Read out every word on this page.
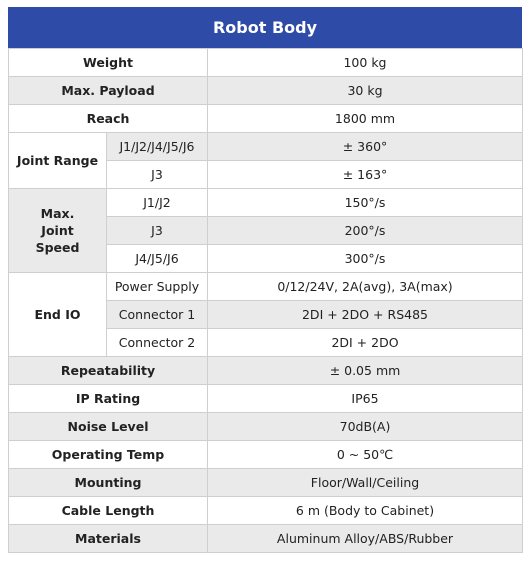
Robot Body
Weight		100 kg
Max. Payload		30 kg
Reach		1800 mm
Joint Range	J1/J2/J4/J5/J6	± 360°
	J3	± 163°
Max. Joint Speed	J1/J2	150°/s
	J3	200°/s
	J4/J5/J6	300°/s
End IO	Power Supply	0/12/24V, 2A(avg), 3A(max)
	Connector 1	2DI + 2DO + RS485
	Connector 2	2DI + 2DO
Repeatability		± 0.05 mm
IP Rating		IP65
Noise Level		70dB(A)
Operating Temp		0 ~ 50℃
Mounting		Floor/Wall/Ceiling
Cable Length		6 m (Body to Cabinet)
Materials		Aluminum Alloy/ABS/Rubber
